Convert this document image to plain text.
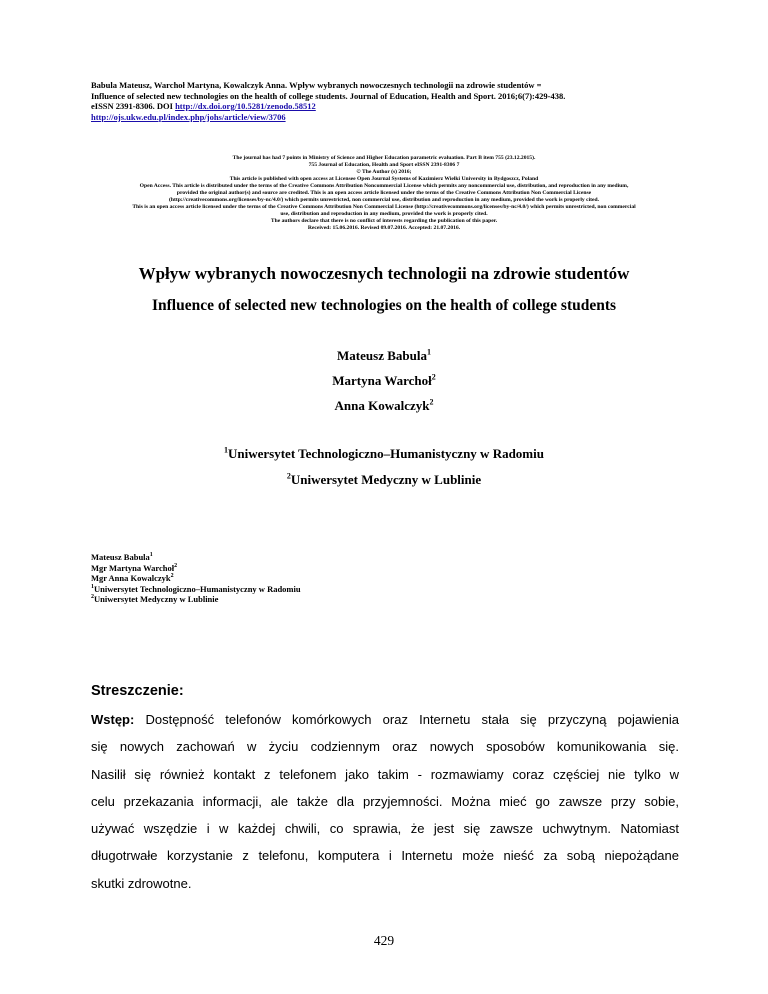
Babula Mateusz, Warchoł Martyna, Kowalczyk Anna. Wpływ wybranych nowoczesnych technologii na zdrowie studentów =
Influence of selected new technologies on the health of college students. Journal of Education, Health and Sport. 2016;6(7):429-438.
eISSN 2391-8306. DOI http://dx.doi.org/10.5281/zenodo.58512
http://ojs.ukw.edu.pl/index.php/johs/article/view/3706
The journal has had 7 points in Ministry of Science and Higher Education parametric evaluation. Part B item 755 (23.12.2015).
755 Journal of Education, Health and Sport eISSN 2391-8306 7
© The Author (s) 2016;
This article is published with open access at Licensee Open Journal Systems of Kazimierz Wielki University in Bydgoszcz, Poland
Open Access. This article is distributed under the terms of the Creative Commons Attribution Noncommercial License which permits any noncommercial use, distribution, and reproduction in any medium,
provided the original author(s) and source are credited. This is an open access article licensed under the terms of the Creative Commons Attribution Non Commercial License
(http://creativecommons.org/licenses/by-nc/4.0/) which permits unrestricted, non commercial use, distribution and reproduction in any medium, provided the work is properly cited.
This is an open access article licensed under the terms of the Creative Commons Attribution Non Commercial License (http://creativecommons.org/licenses/by-nc/4.0/) which permits unrestricted, non commercial
use, distribution and reproduction in any medium, provided the work is properly cited.
The authors declare that there is no conflict of interests regarding the publication of this paper.
Received: 15.06.2016. Revised 09.07.2016. Accepted: 21.07.2016.
Wpływ wybranych nowoczesnych technologii na zdrowie studentów
Influence of selected new technologies on the health of college students
Mateusz Babula$^1$
Martyna Warchoł$^2$
Anna Kowalczyk$^2$
$^1$Uniwersytet Technologiczno–Humanistyczny w Radomiu
$^2$Uniwersytet Medyczny w Lublinie
Mateusz Babula$^1$
Mgr Martyna Warchoł$^2$
Mgr Anna Kowalczyk$^2$
$^1$Uniwersytet Technologiczno–Humanistyczny w Radomiu
$^2$Uniwersytet Medyczny w Lublinie
Streszczenie:
Wstęp: Dostępność telefonów komórkowych oraz Internetu stała się przyczyną pojawienia
się nowych zachowań w życiu codziennym oraz nowych sposobów komunikowania się.
Nasilił się również kontakt z telefonem jako takim - rozmawiamy coraz częściej nie tylko w
celu przekazania informacji, ale także dla przyjemności. Można mieć go zawsze przy sobie,
używać wszędzie i w każdej chwili, co sprawia, że jest się zawsze uchwytnym. Natomiast
długotrwałe korzystanie z telefonu, komputera i Internetu może nieść za sobą niepożądane
skutki zdrowotne.
429
